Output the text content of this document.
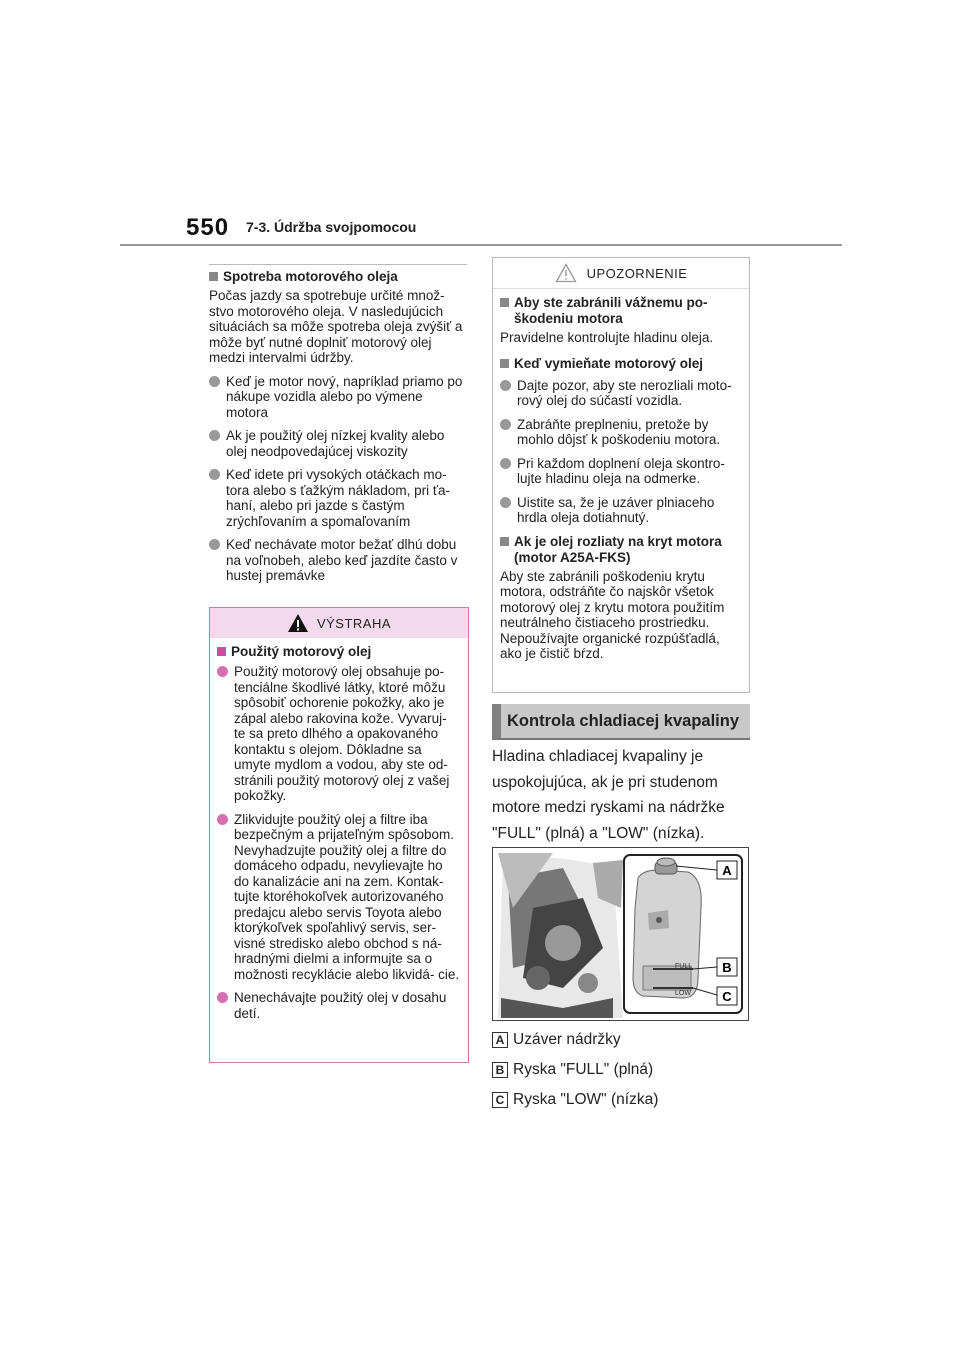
550 7-3. Údržba svojpomocou
Spotreba motorového oleja
Počas jazdy sa spotrebuje určité množ- stvo motorového oleja. V nasledujúcich situáciách sa môže spotreba oleja zvýšiť a môže byť nutné doplniť motorový olej medzi intervalmi údržby.
Keď je motor nový, napríklad priamo po nákupe vozidla alebo po výmene motora
Ak je použitý olej nízkej kvality alebo olej neodpovedajúcej viskozity
Keď idete pri vysokých otáčkach mo- tora alebo s ťažkým nákladom, pri ťa- haní, alebo pri jazde s častým zrýchľovaním a spomaľovaním
Keď nechávate motor bežať dlhú dobu na voľnobeh, alebo keď jazdíte často v hustej premávke
VÝSTRAHA
Použitý motorový olej
Použitý motorový olej obsahuje po- tenciálne škodlivé látky, ktoré môžu spôsobiť ochorenie pokožky, ako je zápal alebo rakovina kože. Vyvaruj- te sa preto dlhého a opakovaného kontaktu s olejom. Dôkladne sa umyte mydlom a vodou, aby ste od- stránili použitý motorový olej z vašej pokožky.
Zlikvidujte použitý olej a filtre iba bezpečným a prijateľným spôsobom. Nevyhadzujte použitý olej a filtre do domáceho odpadu, nevylievajte ho do kanalizácie ani na zem. Kontak- tujte ktoréhokoľvek autorizovaného predajcu alebo servis Toyota alebo ktorýkoľvek spoľahlivý servis, ser- visné stredisko alebo obchod s ná- hradnými dielmi a informujte sa o možnosti recyklácie alebo likvidá- cie.
Nenechávajte použitý olej v dosahu detí.
UPOZORNENIE
Aby ste zabránili vážnemu po- škodeniu motora
Pravidelne kontrolujte hladinu oleja.
Keď vymieňate motorový olej
Dajte pozor, aby ste nerozliali moto- rový olej do súčastí vozidla.
Zabráňte preplneniu, pretože by mohlo dôjsť k poškodeniu motora.
Pri každom doplnení oleja skontro- lujte hladinu oleja na odmerke.
Uistite sa, že je uzáver plniaceho hrdla oleja dotiahnutý.
Ak je olej rozliaty na kryt motora (motor A25A-FKS)
Aby ste zabránili poškodeniu krytu motora, odstráňte čo najskôr všetok motorový olej z krytu motora použitím neutrálneho čistiaceho prostriedku. Nepoužívajte organické rozpúšťadlá, ako je čistič bŕzd.
Kontrola chladiacej kvapaliny
Hladina chladiacej kvapaliny je uspokojujúca, ak je pri studenom motore medzi ryskami na nádržke "FULL" (plná) a "LOW" (nízka).
FULL
LOW
A
B
C
A Uzáver nádržky
B Ryska "FULL" (plná)
C Ryska "LOW" (nízka)
